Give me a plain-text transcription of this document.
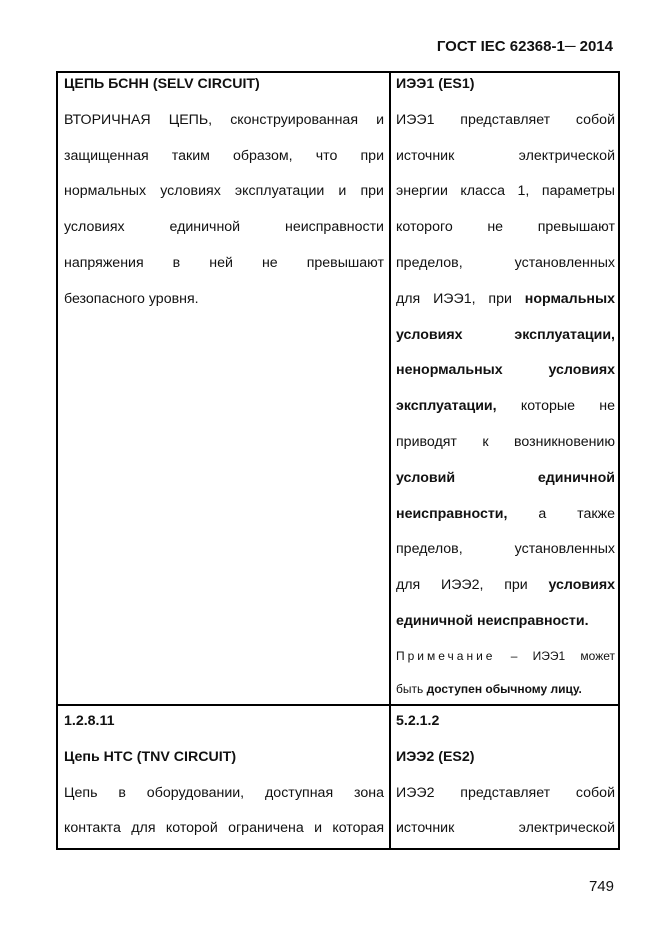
ГОСТ IEC 62368-1─ 2014
ЦЕПЬ БСНН (SELV CIRCUIT)
ВТОРИЧНАЯ ЦЕПЬ, сконструированная и
защищенная таким образом, что при
нормальных условиях эксплуатации и при
условиях единичной неисправности
напряжения в ней не превышают
безопасного уровня.
ИЭЭ1 (ES1)
ИЭЭ1 представляет собой
источник электрической
энергии класса 1, параметры
которого не превышают
пределов, установленных
для ИЭЭ1, при нормальных
условиях эксплуатации,
ненормальных условиях
эксплуатации, которые не
приводят к возникновению
условий единичной
неисправности, а также
пределов, установленных
для ИЭЭ2, при условиях
единичной неисправности.
Примечание – ИЭЭ1 может
быть доступен обычному лицу.
1.2.8.11
Цепь НТС (TNV CIRCUIT)
Цепь в оборудовании, доступная зона
контакта для которой ограничена и которая
5.2.1.2
ИЭЭ2 (ES2)
ИЭЭ2 представляет собой
источник электрической
749
